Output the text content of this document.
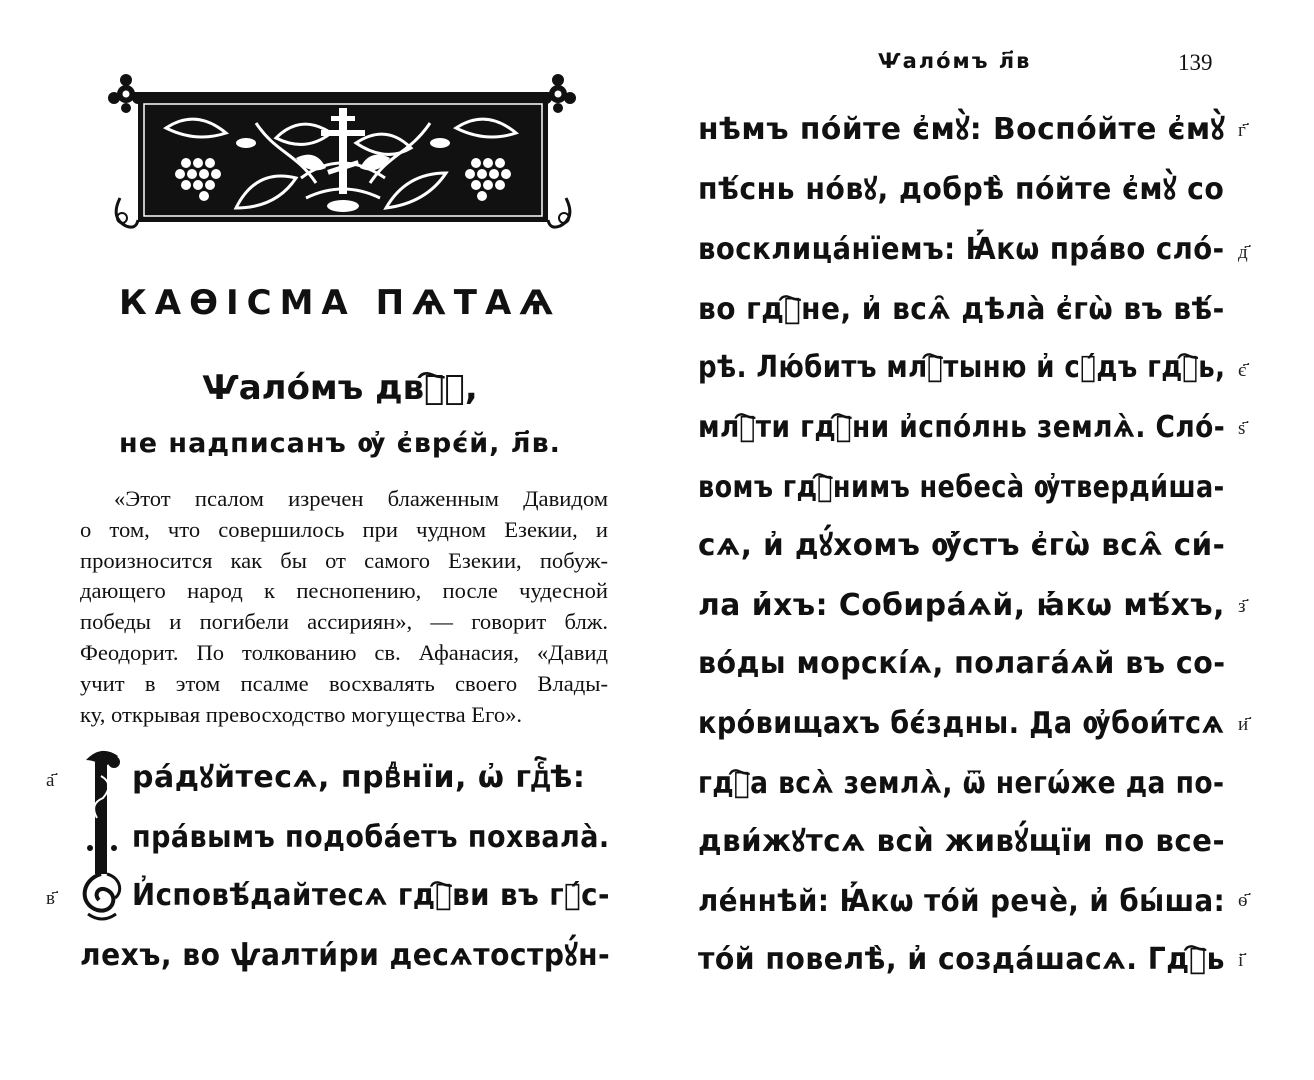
КАѲІСМА ПѦТАѦ
Ѱало́мъ двⷣ҇ꙋ,
не надписанъ ѹ҆ є҆врє́й, л҃в.
«Этот псалом изречен блаженным Давидом
о том, что совершилось при чудном Езекии, и
произносится как бы от самого Езекии, побуж-
дающего народ к песнопению, после чудесной
победы и погибели ассириян», — говорит блж.
Феодорит. По толкованию св. Афанасия, «Давид
учит в этом псалме восхвалять своего Влады-
ку, открывая превосходство могущества Его».
а҃
в҃
ра́дꙋйтесѧ, првⷣнїи, ѡ҆ гдⷭ҇ѣ:
пра́вымъ подоба́етъ похвала̀.
И҆сповѣ́дайтесѧ гдⷭ҇ви въ гꙋ́с-
лехъ, во ѱалти́ри десѧтострꙋ́н-
Ѱало́мъ л҃в	139
нѣмъ по́йте є҆мꙋ̀: Воспо́йте є҆мꙋ̀
пѣ́снь но́вꙋ, добрѣ̀ по́йте є҆мꙋ̀ со
восклица́нїемъ: Ꙗ҆́кѡ пра́во сло́-
во гдⷭ҇не, и҆ всѧ̑ дѣла̀ є҆гѡ̀ въ вѣ́-
рѣ. Лю́битъ млⷭ҇тыню и҆ сꙋ́дъ гдⷭ҇ь,
млⷭ҇ти гдⷭ҇ни и҆спо́лнь землѧ̀. Сло́-
вомъ гдⷭ҇нимъ небеса̀ ѹ҆тверди́ша-
сѧ, и҆ дꙋ́хомъ ѹ҆́стъ є҆гѡ̀ всѧ̑ си́-
ла и҆́хъ: Собира́ѧй, ꙗ҆́кѡ мѣ́хъ,
во́ды морскі́ѧ, полага́ѧй въ со-
кро́вищахъ бє́здны. Да ѹ҆бои́тсѧ
гдⷭ҇а всѧ̀ землѧ̀, ѿ негѡ́же да по-
дви́жꙋтсѧ всѝ живꙋ́щїи по все-
ле́ннѣй: Ꙗ҆́кѡ то́й речѐ, и҆ бы́ша:
то́й повелѣ̀, и҆ созда́шасѧ. Гдⷭ҇ь
г҃
д҃
є҃
ѕ҃
з҃
и҃
ѳ҃
і҃
